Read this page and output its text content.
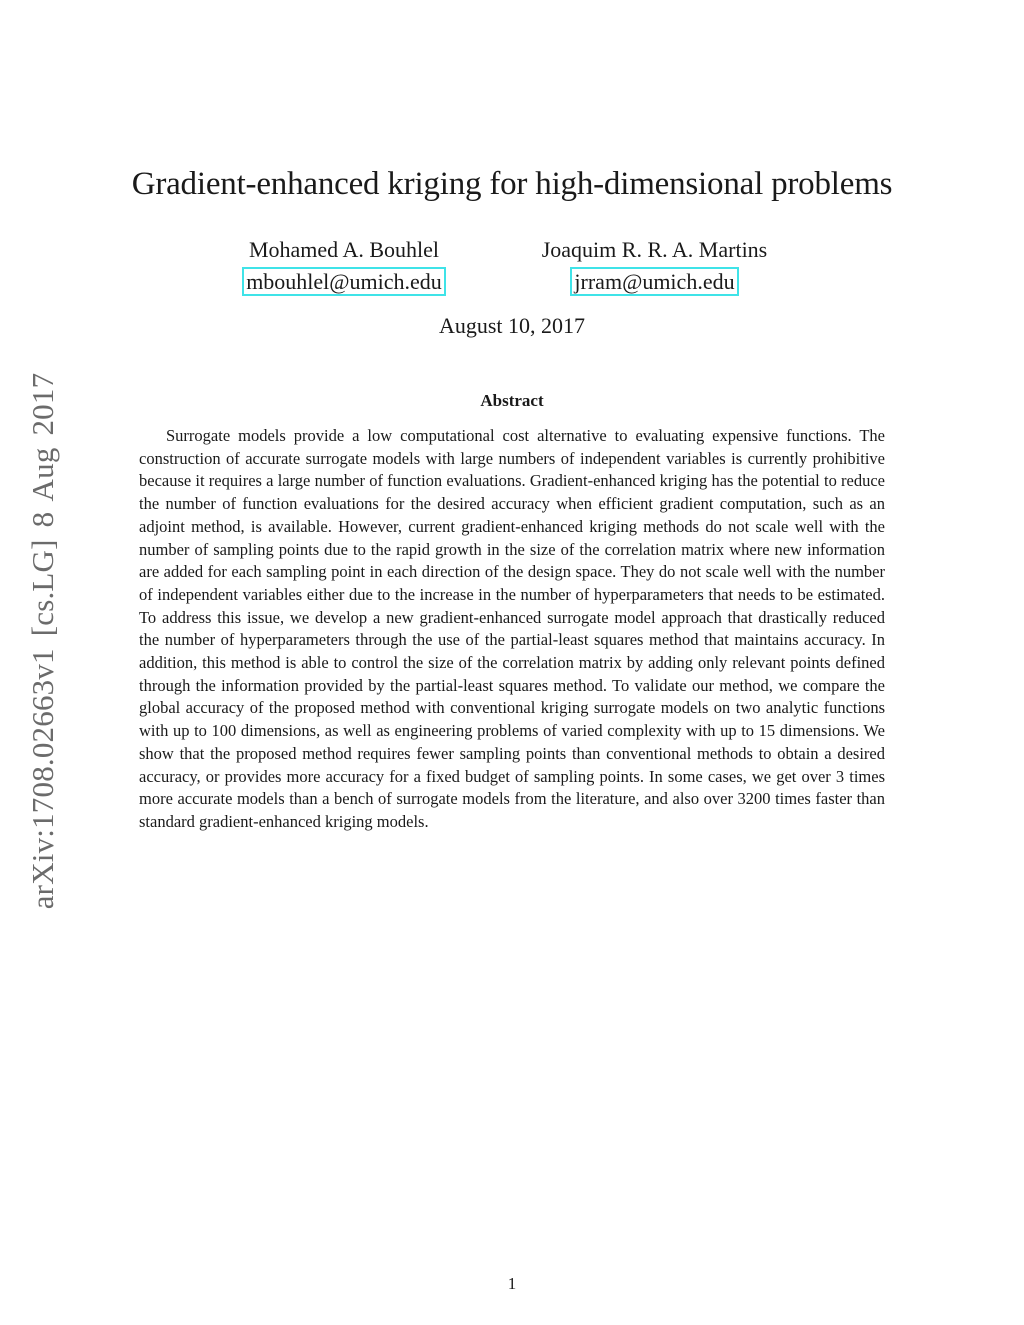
arXiv:1708.02663v1 [cs.LG] 8 Aug 2017
Gradient-enhanced kriging for high-dimensional problems
Mohamed A. Bouhlel
mbouhlel@umich.edu
Joaquim R. R. A. Martins
jrram@umich.edu
August 10, 2017
Abstract

Surrogate models provide a low computational cost alternative to evaluating expensive functions. The construction of accurate surrogate models with large numbers of independent variables is currently prohibitive because it requires a large number of function evaluations. Gradient-enhanced kriging has the potential to reduce the number of function evaluations for the desired accuracy when efficient gradient computation, such as an adjoint method, is available. However, current gradient-enhanced kriging methods do not scale well with the number of sampling points due to the rapid growth in the size of the correlation matrix where new information are added for each sampling point in each direction of the design space. They do not scale well with the number of independent variables either due to the increase in the number of hyperparameters that needs to be estimated. To address this issue, we develop a new gradient-enhanced surrogate model approach that drastically reduced the number of hyperparameters through the use of the partial-least squares method that maintains accuracy. In addition, this method is able to control the size of the correlation matrix by adding only relevant points defined through the information provided by the partial-least squares method. To validate our method, we compare the global accuracy of the proposed method with conventional kriging surrogate models on two analytic functions with up to 100 dimensions, as well as engineering problems of varied complexity with up to 15 dimensions. We show that the proposed method requires fewer sampling points than conventional methods to obtain a desired accuracy, or provides more accuracy for a fixed budget of sampling points. In some cases, we get over 3 times more accurate models than a bench of surrogate models from the literature, and also over 3200 times faster than standard gradient-enhanced kriging models.

1
